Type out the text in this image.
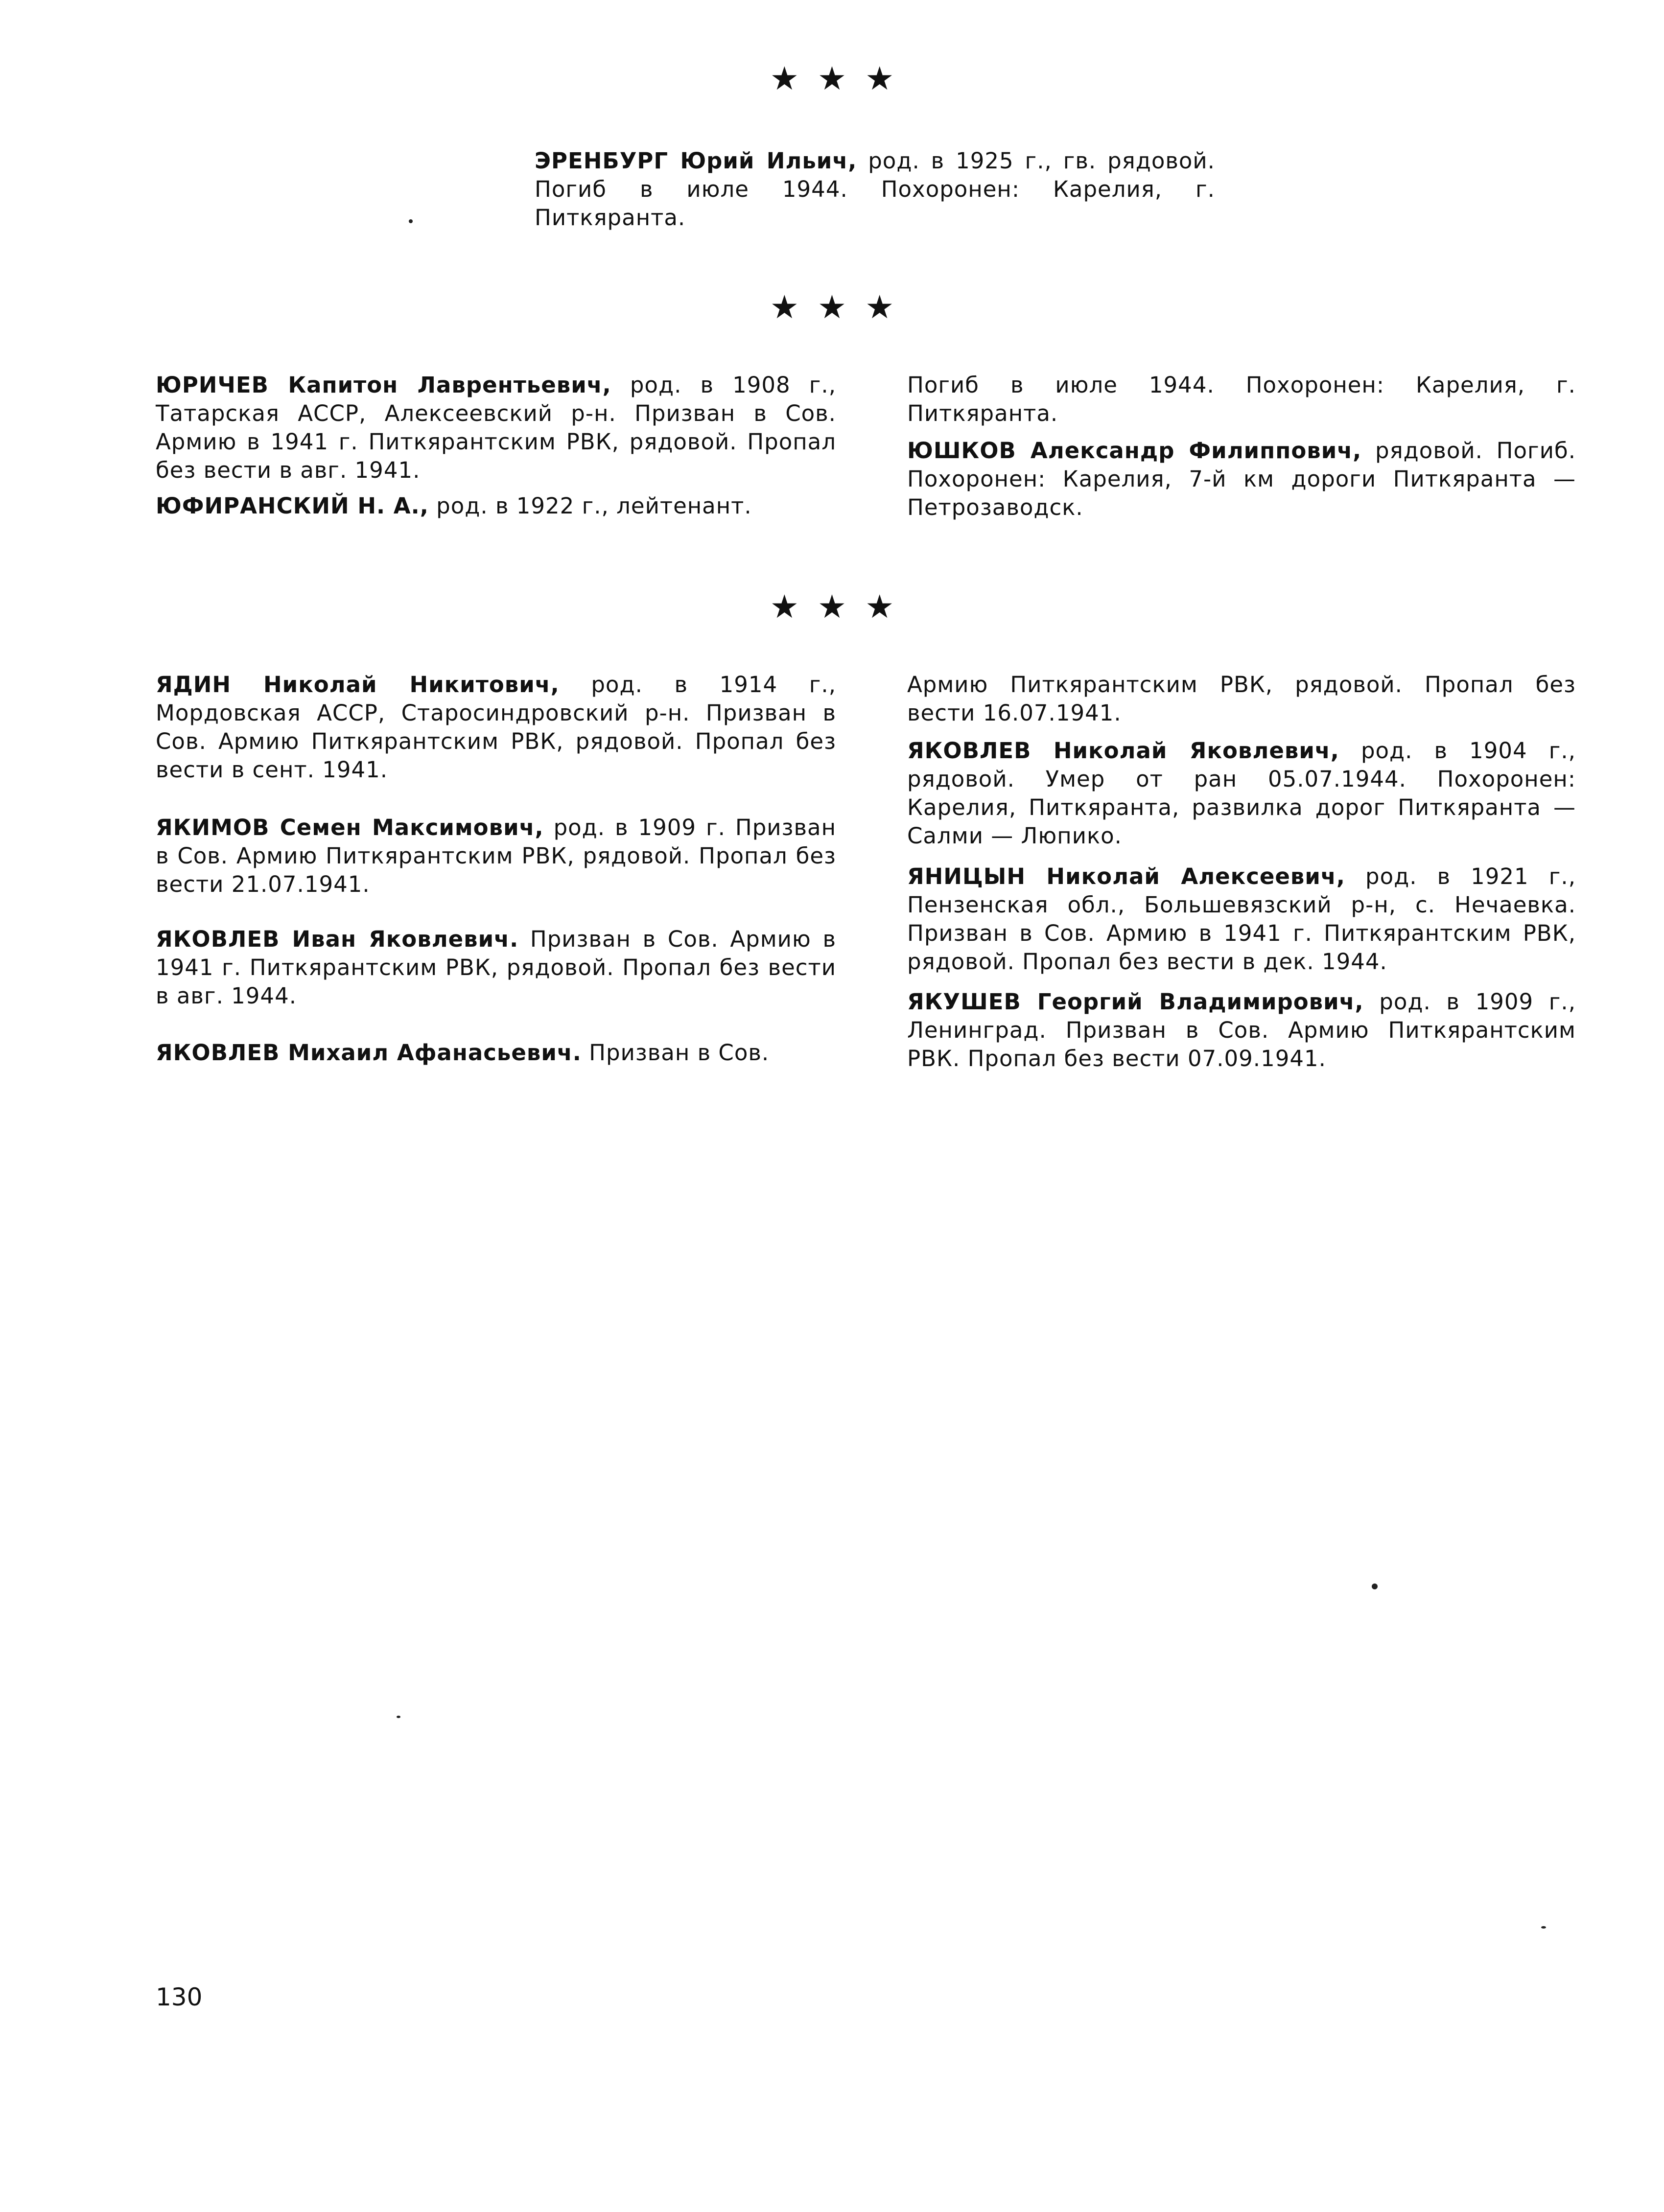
★★★
ЭРЕНБУРГ Юрий Ильич, род. в 1925 г., гв. рядовой. Погиб в июле 1944. Похоронен: Карелия, г. Питкяранта.
★★★
ЮРИЧЕВ Капитон Лаврентьевич, род. в 1908 г., Татарская АССР, Алексеевский р-н. Призван в Сов. Армию в 1941 г. Питкярантским РВК, рядовой. Пропал без вести в авг. 1941.
ЮФИРАНСКИЙ Н. А., род. в 1922 г., лейтенант.
Погиб в июле 1944. Похоронен: Карелия, г. Питкяранта.
ЮШКОВ Александр Филиппович, рядовой. Погиб. Похоронен: Карелия, 7-й км дороги Питкяранта — Петрозаводск.
★★★
ЯДИН Николай Никитович, род. в 1914 г., Мордовская АССР, Старосиндровский р-н. Призван в Сов. Армию Питкярантским РВК, рядовой. Пропал без вести в сент. 1941.
ЯКИМОВ Семен Максимович, род. в 1909 г. Призван в Сов. Армию Питкярантским РВК, рядовой. Пропал без вести 21.07.1941.
ЯКОВЛЕВ Иван Яковлевич. Призван в Сов. Армию в 1941 г. Питкярантским РВК, рядовой. Пропал без вести в авг. 1944.
ЯКОВЛЕВ Михаил Афанасьевич. Призван в Сов.
Армию Питкярантским РВК, рядовой. Пропал без вести 16.07.1941.
ЯКОВЛЕВ Николай Яковлевич, род. в 1904 г., рядовой. Умер от ран 05.07.1944. Похоронен: Карелия, Питкяранта, развилка дорог Питкяранта — Салми — Люпико.
ЯНИЦЫН Николай Алексеевич, род. в 1921 г., Пензенская обл., Большевязский р-н, с. Нечаевка. Призван в Сов. Армию в 1941 г. Питкярантским РВК, рядовой. Пропал без вести в дек. 1944.
ЯКУШЕВ Георгий Владимирович, род. в 1909 г., Ленинград. Призван в Сов. Армию Питкярантским РВК. Пропал без вести 07.09.1941.
130
